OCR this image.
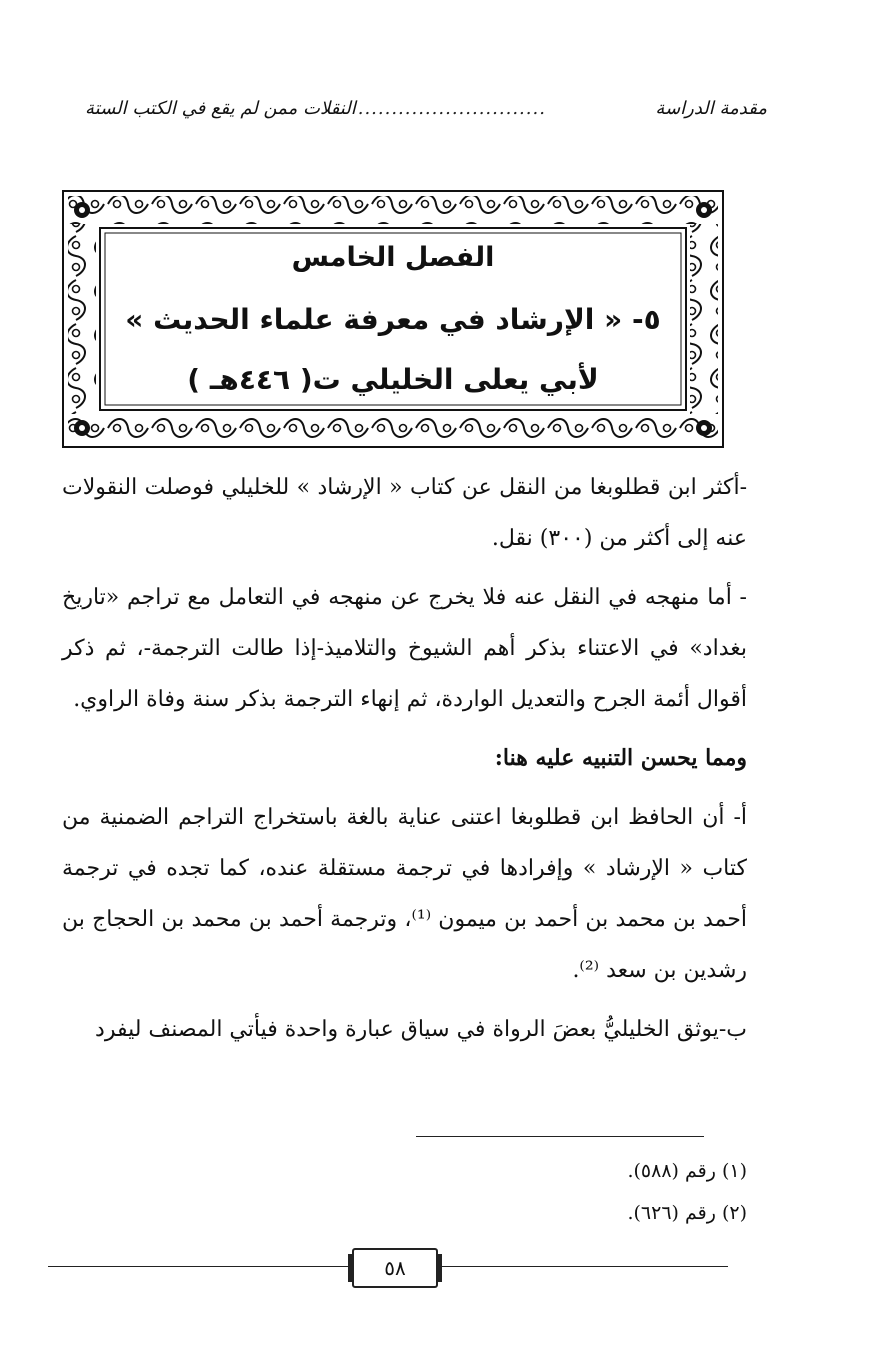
مقدمة الدراسة
............................
النقلات ممن لم يقع في الكتب الستة
الفصل الخامس
٥- « الإرشاد في معرفة علماء الحديث »
لأبي يعلى الخليلي ت( ٤٤٦هـ )

-أكثر ابن قطلوبغا من النقل عن كتاب « الإرشاد » للخليلي فوصلت النقولات عنه إلى أكثر من (٣٠٠) نقل.

- أما منهجه في النقل عنه فلا يخرج عن منهجه في التعامل مع تراجم «تاريخ بغداد» في الاعتناء بذكر أهم الشيوخ والتلاميذ-إذا طالت الترجمة-، ثم ذكر أقوال أئمة الجرح والتعديل الواردة، ثم إنهاء الترجمة بذكر سنة وفاة الراوي.

ومما يحسن التنبيه عليه هنا:

أ- أن الحافظ ابن قطلوبغا اعتنى عناية بالغة باستخراج التراجم الضمنية من كتاب « الإرشاد » وإفرادها في ترجمة مستقلة عنده، كما تجده في ترجمة أحمد بن محمد بن أحمد بن ميمون ⁽¹⁾، وترجمة أحمد بن محمد بن الحجاج بن رشدين بن سعد ⁽²⁾.

ب-يوثق الخليليُّ بعضَ الرواة في سياق عبارة واحدة فيأتي المصنف ليفرد

(١) رقم (٥٨٨).
(٢) رقم (٦٢٦).
٥٨
